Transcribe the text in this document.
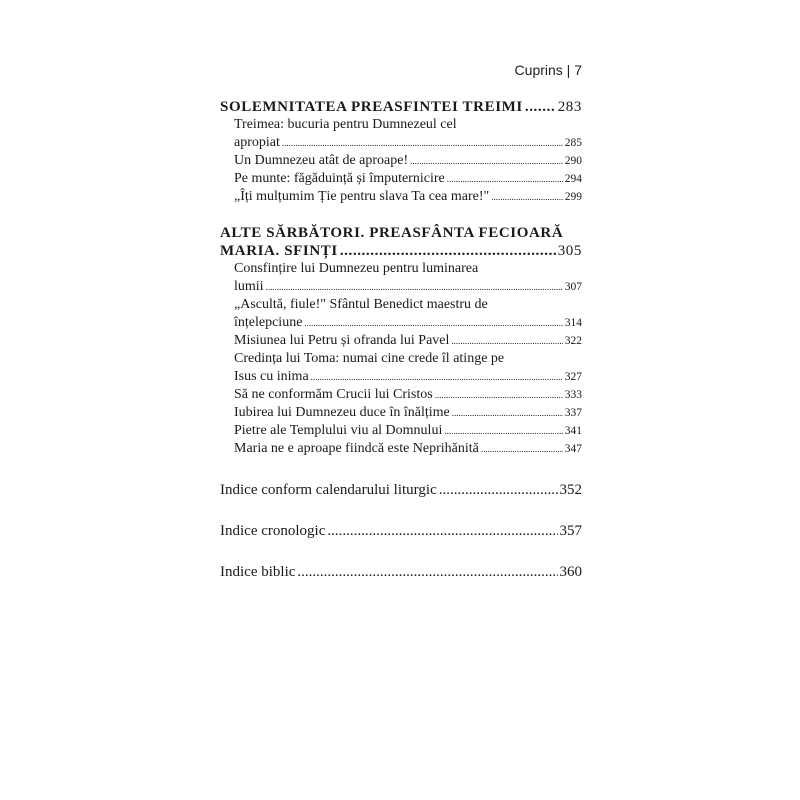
Cuprins | 7
SOLEMNITATEA PREASFINTEI TREIMI ..... 283
Treimea: bucuria pentru Dumnezeul cel
apropiat .....	285
Un Dumnezeu atât de aproape! .....	290
Pe munte: făgăduință și împuternicire .....	294
„Îți mulțumim Ție pentru slava Ta cea mare!" .....	299
ALTE SĂRBĂTORI. PREASFÂNTA FECIOARĂ
MARIA. SFINȚI .....	305
Consfințire lui Dumnezeu pentru luminarea
lumii .....	307
„Ascultă, fiule!" Sfântul Benedict maestru de
înțelepciune .....	314
Misiunea lui Petru și ofranda lui Pavel .....	322
Credința lui Toma: numai cine crede îl atinge pe
Isus cu inima .....	327
Să ne conformăm Crucii lui Cristos .....	333
Iubirea lui Dumnezeu duce în înălțime .....	337
Pietre ale Templului viu al Domnului .....	341
Maria ne e aproape fiindcă este Neprihănită .....	347
Indice conform calendarului liturgic .....	352
Indice cronologic .....	357
Indice biblic .....	360
